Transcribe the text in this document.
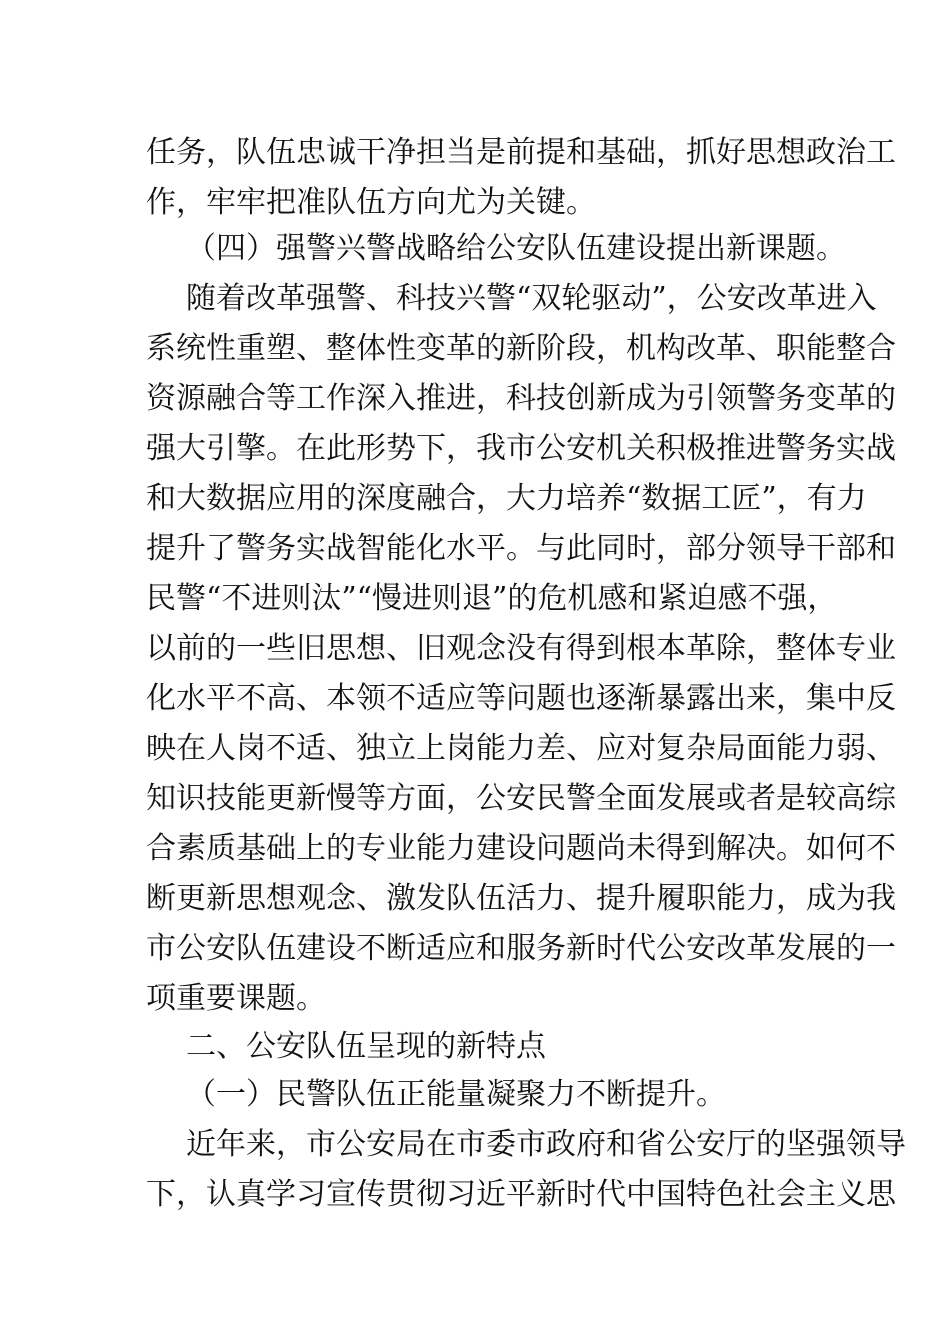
任务，队伍忠诚干净担当是前提和基础，抓好思想政治工
作，牢牢把准队伍方向尤为关键。
（四）强警兴警战略给公安队伍建设提出新课题。
随着改革强警、科技兴警“双轮驱动”，公安改革进入
系统性重塑、整体性变革的新阶段，机构改革、职能整合
资源融合等工作深入推进，科技创新成为引领警务变革的
强大引擎。在此形势下，我市公安机关积极推进警务实战
和大数据应用的深度融合，大力培养“数据工匠”，有力
提升了警务实战智能化水平。与此同时，部分领导干部和
民警“不进则汰”“慢进则退”的危机感和紧迫感不强，
以前的一些旧思想、旧观念没有得到根本革除，整体专业
化水平不高、本领不适应等问题也逐渐暴露出来，集中反
映在人岗不适、独立上岗能力差、应对复杂局面能力弱、
知识技能更新慢等方面，公安民警全面发展或者是较高综
合素质基础上的专业能力建设问题尚未得到解决。如何不
断更新思想观念、激发队伍活力、提升履职能力，成为我
市公安队伍建设不断适应和服务新时代公安改革发展的一
项重要课题。
二、公安队伍呈现的新特点
（一）民警队伍正能量凝聚力不断提升。
近年来，市公安局在市委市政府和省公安厅的坚强领导
下，认真学习宣传贯彻习近平新时代中国特色社会主义思
